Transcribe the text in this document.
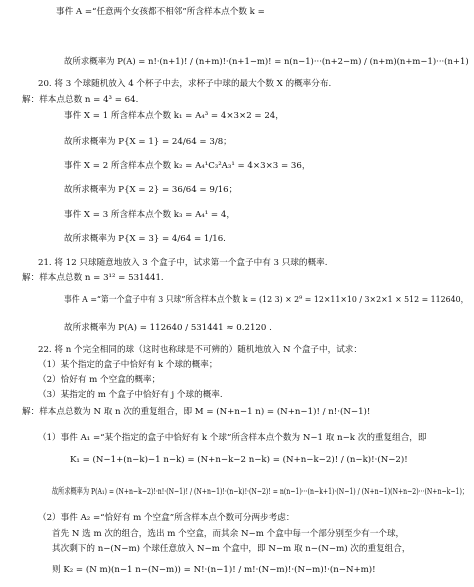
事件 A =“任意两个女孩都不相邻”所含样本点个数 k =
故所求概率为 P(A) = n!·(n+1)! / (n+m)!·(n+1−m)! = n(n−1)···(n+2−m) / (n+m)(n+m−1)···(n+1)
20. 将 3 个球随机放入 4 个杯子中去，求杯子中球的最大个数 X 的概率分布.
解：样本点总数 n = 4³ = 64.
事件 X = 1 所含样本点个数 k₁ = A₄³ = 4×3×2 = 24，
故所求概率为 P{X = 1} = 24/64 = 3/8；
事件 X = 2 所含样本点个数 k₂ = A₄¹C₃²A₃¹ = 4×3×3 = 36，
故所求概率为 P{X = 2} = 36/64 = 9/16；
事件 X = 3 所含样本点个数 k₃ = A₄¹ = 4，
故所求概率为 P{X = 3} = 4/64 = 1/16.
21. 将 12 只球随意地放入 3 个盒子中，试求第一个盒子中有 3 只球的概率.
解：样本点总数 n = 3¹² = 531441.
事件 A =“第一个盒子中有 3 只球”所含样本点个数 k = (12 3) × 2⁹ = 12×11×10 / 3×2×1 × 512 = 112640，
故所求概率为 P(A) = 112640 / 531441 ≈ 0.2120 .
22. 将 n 个完全相同的球（这时也称球是不可辨的）随机地放入 N 个盒子中，试求：
（1）某个指定的盒子中恰好有 k 个球的概率；
（2）恰好有 m 个空盒的概率；
（3）某指定的 m 个盒子中恰好有 j 个球的概率.
解：样本点总数为 N 取 n 次的重复组合，即 M = (N+n−1 n) = (N+n−1)! / n!·(N−1)!
（1）事件 A₁ =“某个指定的盒子中恰好有 k 个球”所含样本点个数为 N−1 取 n−k 次的重复组合，即
K₁ = (N−1+(n−k)−1 n−k) = (N+n−k−2 n−k) = (N+n−k−2)! / (n−k)!·(N−2)!
故所求概率为 P(A₁) = (N+n−k−2)!·n!·(N−1)! / (N+n−1)!·(n−k)!·(N−2)! = n(n−1)···(n−k+1)·(N−1) / (N+n−1)(N+n−2)···(N+n−k−1)；
（2）事件 A₂ =“恰好有 m 个空盒”所含样本点个数可分两步考虑：
首先 N 选 m 次的组合，选出 m 个空盒，而其余 N−m 个盒中每一个部分别至少有一个球，
其次剩下的 n−(N−m) 个球任意放入 N−m 个盒中，即 N−m 取 n−(N−m) 次的重复组合，
则 K₂ = (N m)(n−1 n−(N−m)) = N!·(n−1)! / m!·(N−m)!·(N−m)!·(n−N+m)!
